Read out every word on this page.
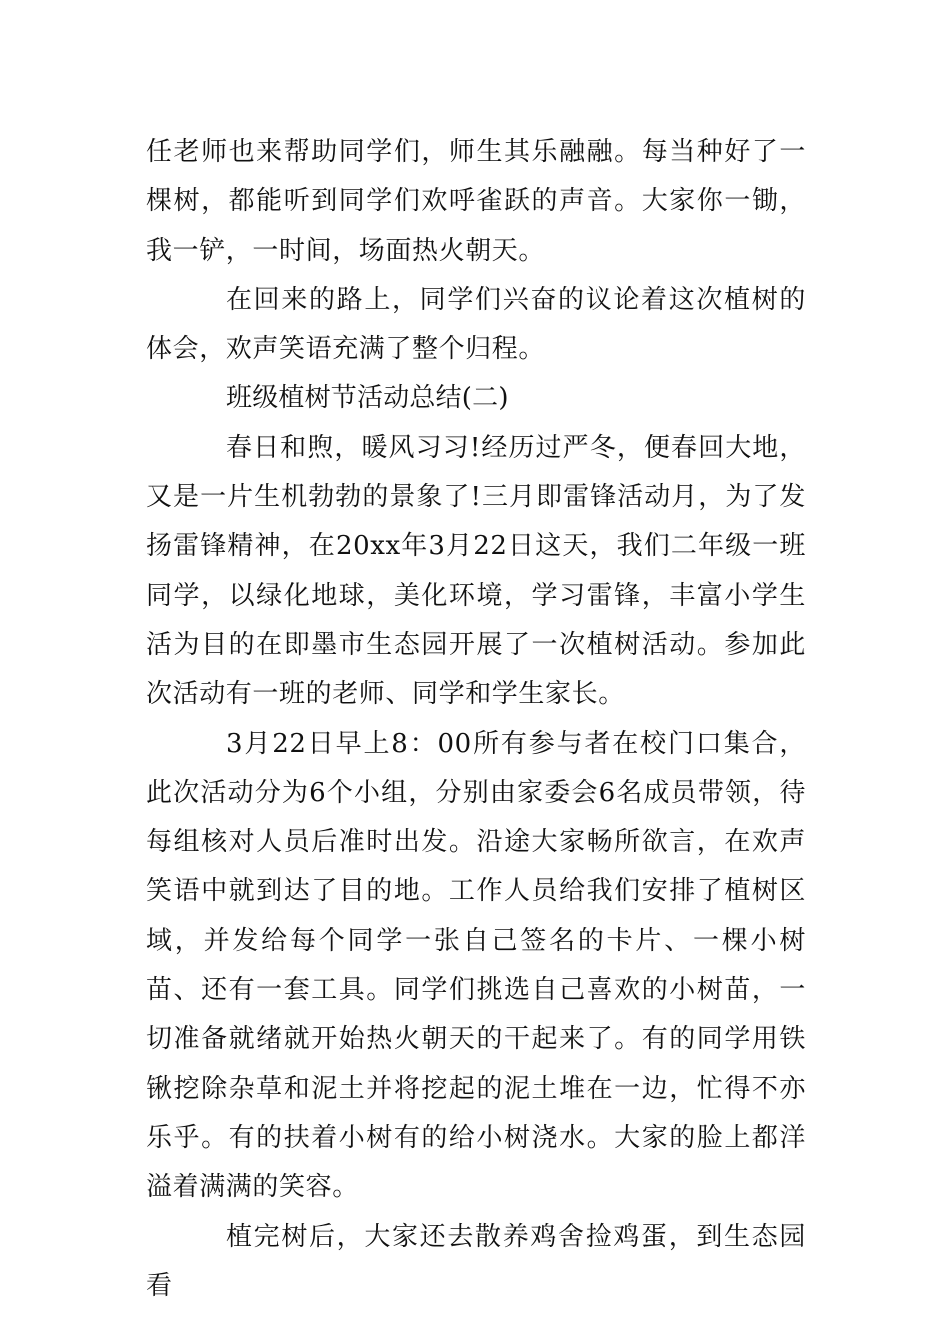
任老师也来帮助同学们，师生其乐融融。每当种好了一棵树，都能听到同学们欢呼雀跃的声音。大家你一锄，我一铲，一时间，场面热火朝天。

在回来的路上，同学们兴奋的议论着这次植树的体会，欢声笑语充满了整个归程。

班级植树节活动总结(二)

春日和煦，暖风习习!经历过严冬，便春回大地，又是一片生机勃勃的景象了!三月即雷锋活动月，为了发扬雷锋精神，在20xx年3月22日这天，我们二年级一班同学，以绿化地球，美化环境，学习雷锋，丰富小学生活为目的在即墨市生态园开展了一次植树活动。参加此次活动有一班的老师、同学和学生家长。

3月22日早上8：00所有参与者在校门口集合，此次活动分为6个小组，分别由家委会6名成员带领，待每组核对人员后准时出发。沿途大家畅所欲言，在欢声笑语中就到达了目的地。工作人员给我们安排了植树区域，并发给每个同学一张自己签名的卡片、一棵小树苗、还有一套工具。同学们挑选自己喜欢的小树苗，一切准备就绪就开始热火朝天的干起来了。有的同学用铁锹挖除杂草和泥土并将挖起的泥土堆在一边，忙得不亦乐乎。有的扶着小树有的给小树浇水。大家的脸上都洋溢着满满的笑容。

植完树后，大家还去散养鸡舍捡鸡蛋，到生态园看
